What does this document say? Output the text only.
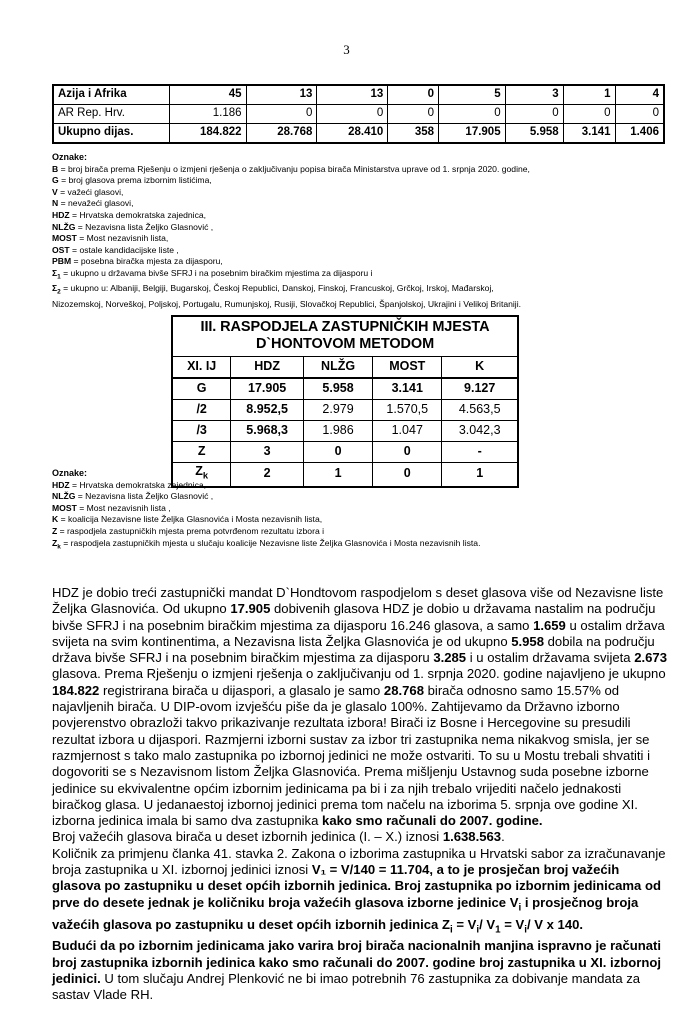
3
Azija i Afrika	45	13	13	0	5	3	1	4
AR Rep. Hrv.	1.186	0	0	0	0	0	0	0
Ukupno dijas.	184.822	28.768	28.410	358	17.905	5.958	3.141	1.406
Oznake:
B = broj birača prema Rješenju o izmjeni rješenja o zaključivanju popisa birača Ministarstva uprave od 1. srpnja 2020. godine,
G = broj glasova prema izbornim listićima,
V = važeći glasovi,
N = nevažeći glasovi,
HDZ = Hrvatska demokratska zajednica,
NLŽG = Nezavisna lista Željko Glasnović ,
MOST = Most nezavisnih lista,
OST = ostale kandidacijske liste ,
PBM = posebna biračka mjesta za dijasporu,
$\Sigma_1$ = ukupno u državama bivše SFRJ i na posebnim biračkim mjestima za dijasporu i
$\Sigma_2$ = ukupno u: Albaniji, Belgiji, Bugarskoj, Českoj Republici, Danskoj, Finskoj, Francuskoj, Grčkoj, Irskoj, Mađarskoj,
Nizozemskoj, Norveškoj, Poljskoj, Portugalu, Rumunjskoj, Rusiji, Slovačkoj Republici, Španjolskoj, Ukrajini i Velikoj Britaniji.
III. RASPODJELA ZASTUPNIČKIH MJESTA
D`HONTOVOM METODOM				
XI. IJ	HDZ	NLŽG	MOST	K
G	17.905	5.958	3.141	9.127
/2	8.952,5	2.979	1.570,5	4.563,5
/3	5.968,3	1.986	1.047	3.042,3
Z	3	0	0	-
$Z_k$	2	1	0	1
Oznake:
HDZ = Hrvatska demokratska zajednica,
NLŽG = Nezavisna lista Željko Glasnović ,
MOST = Most nezavisnih lista ,
K = koalicija Nezavisne liste Željka Glasnovića i Mosta nezavisnih lista,
Z = raspodjela zastupničkih mjesta prema potvrđenom rezultatu izbora i
$Z_k$ = raspodjela zastupničkih mjesta u slučaju koalicije Nezavisne liste Željka Glasnovića i Mosta nezavisnih lista.

HDZ je dobio treći zastupnički mandat D`Hondtovom raspodjelom s deset glasova više od Nezavisne liste Željka Glasnovića. Od ukupno 17.905 dobivenih glasova HDZ je dobio u državama nastalim na području bivše SFRJ i na posebnim biračkim mjestima za dijasporu 16.246 glasova, a samo 1.659 u ostalim država svijeta na svim kontinentima, a Nezavisna lista Željka Glasnovića je od ukupno 5.958 dobila na području država bivše SFRJ i na posebnim biračkim mjestima za dijasporu 3.285 i u ostalim državama svijeta 2.673 glasova. Prema Rješenju o izmjeni rješenja o zaključivanju od 1. srpnja 2020. godine najavljeno je ukupno 184.822 registrirana birača u dijaspori, a glasalo je samo 28.768 birača odnosno samo 15.57% od najavljenih birača. U DIP-ovom izvješću piše da je glasalo 100%. Zahtijevamo da Državno izborno povjerenstvo obrazloži takvo prikazivanje rezultata izbora! Birači iz Bosne i Hercegovine su presudili rezultat izbora u dijaspori. Razmjerni izborni sustav za izbor tri zastupnika nema nikakvog smisla, jer se razmjernost s tako malo zastupnika po izbornoj jedinici ne može ostvariti. To su u Mostu trebali shvatiti i dogovoriti se s Nezavisnom listom Željka Glasnovića. Prema mišljenju Ustavnog suda posebne izborne jedinice su ekvivalentne općim izbornim jedinicama pa bi i za njih trebalo vrijediti načelo jednakosti biračkog glasa. U jedanaestoj izbornoj jedinici prema tom načelu na izborima 5. srpnja ove godine XI. izborna jedinica imala bi samo dva zastupnika kako smo računali do 2007. godine.

Broj važećih glasova birača u deset izbornih jedinica (I. – X.) iznosi 1.638.563.

Količnik za primjenu članka 41. stavka 2. Zakona o izborima zastupnika u Hrvatski sabor za izračunavanje broja zastupnika u XI. izbornoj jedinici iznosi V₁ = V/140 = 11.704, a to je prosječan broj važećih glasova po zastupniku u deset općih izbornih jedinica. Broj zastupnika po izbornim jedinicama od prve do desete jednak je količniku broja važećih glasova izborne jedinice $V_i$ i prosječnog broja važećih glasova po zastupniku u deset općih izbornih jedinica $Z_i = V_i/$ $V_1 = V_i/$ V x 140.

Budući da po izbornim jedinicama jako varira broj birača nacionalnih manjina ispravno je računati broj zastupnika izbornih jedinica kako smo računali do 2007. godine broj zastupnika u XI. izbornoj jedinici. U tom slučaju Andrej Plenković ne bi imao potrebnih 76 zastupnika za dobivanje mandata za sastav Vlade RH.
